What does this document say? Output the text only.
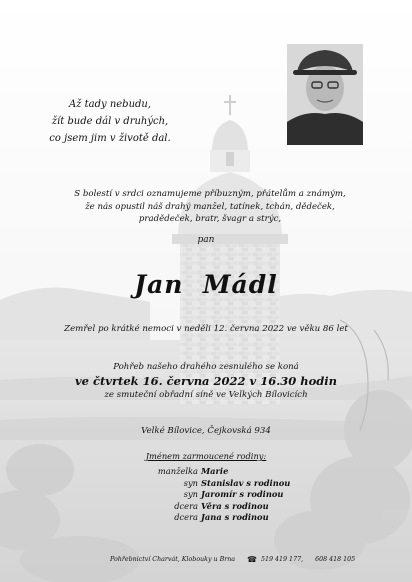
Až tady nebudu,
žít bude dál v druhých,
co jsem jim v životě dal.
S bolestí v srdci oznamujeme příbuzným, přátelům a známým,
že nás opustil náš drahý manžel, tatínek, tchán, dědeček,
pradědeček, bratr, švagr a strýc,
pan
Jan  Mádl
Zemřel po krátké nemoci v neděli 12. června 2022 ve věku 86 let
Pohřeb našeho drahého zesnulého se koná
ve čtvrtek 16. června 2022 v 16.30 hodin
ze smuteční obřadní síně ve Velkých Bílovicích
Velké Bílovice, Čejkovská 934
Jménem zarmoucené rodiny:
manželka Marie
syn Stanislav s rodinou
syn Jaromír s rodinou
dcera Věra s rodinou
dcera Jana s rodinou
Pohřebnictví Charvát, Klobouky u Brna ☎ 519 419 177, 608 418 105
